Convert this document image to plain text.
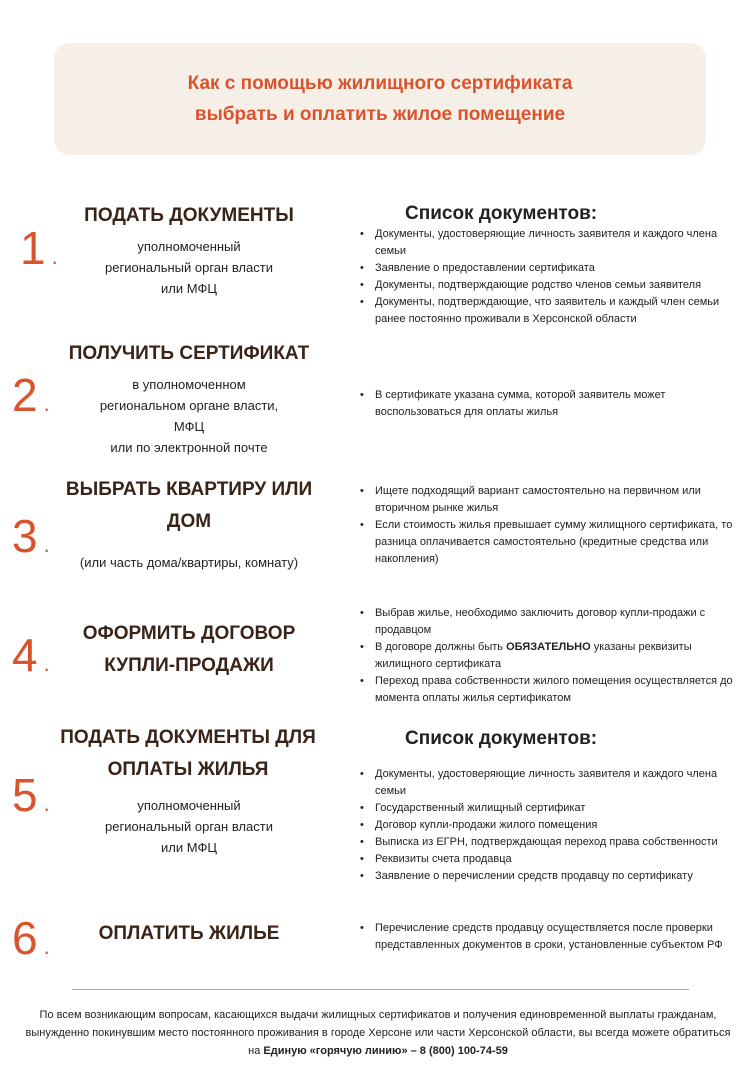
Как с помощью жилищного сертификата
выбрать и оплатить жилое помещение
1 .
ПОДАТЬ ДОКУМЕНТЫ
уполномоченный
региональный орган власти
или МФЦ
Список документов:
• Документы, удостоверяющие личность заявителя и каждого члена семьи
• Заявление о предоставлении сертификата
• Документы, подтверждающие родство членов семьи заявителя
• Документы, подтверждающие, что заявитель и каждый член семьи ранее постоянно проживали в Херсонской области
2 .
ПОЛУЧИТЬ СЕРТИФИКАТ
в уполномоченном
региональном органе власти,
МФЦ
или по электронной почте
• В сертификате указана сумма, которой заявитель может воспользоваться для оплаты жилья
3 .
ВЫБРАТЬ КВАРТИРУ ИЛИ
ДОМ
(или часть дома/квартиры, комнату)
• Ищете подходящий вариант самостоятельно на первичном или вторичном рынке жилья
• Если стоимость жилья превышает сумму жилищного сертификата, то разница оплачивается самостоятельно (кредитные средства или накопления)
4 .
ОФОРМИТЬ ДОГОВОР
КУПЛИ-ПРОДАЖИ
• Выбрав жилье, необходимо заключить договор купли-продажи с продавцом
• В договоре должны быть ОБЯЗАТЕЛЬНО указаны реквизиты жилищного сертификата
• Переход права собственности жилого помещения осуществляется до момента оплаты жилья сертификатом
5 .
ПОДАТЬ ДОКУМЕНТЫ ДЛЯ
ОПЛАТЫ ЖИЛЬЯ
уполномоченный
региональный орган власти
или МФЦ
Список документов:
• Документы, удостоверяющие личность заявителя и каждого члена семьи
• Государственный жилищный сертификат
• Договор купли-продажи жилого помещения
• Выписка из ЕГРН, подтверждающая переход права собственности
• Реквизиты счета продавца
• Заявление о перечислении средств продавцу по сертификату
6 .
ОПЛАТИТЬ ЖИЛЬЕ
•	Перечисление средств продавцу осуществляется после проверки представленных документов в сроки, установленные субъектом РФ
По всем возникающим вопросам, касающихся выдачи жилищных сертификатов и получения единовременной выплаты гражданам, вынужденно покинувшим место постоянного проживания в городе Херсоне или части Херсонской области, вы всегда можете обратиться на Единую «горячую линию» – 8 (800) 100-74-59
